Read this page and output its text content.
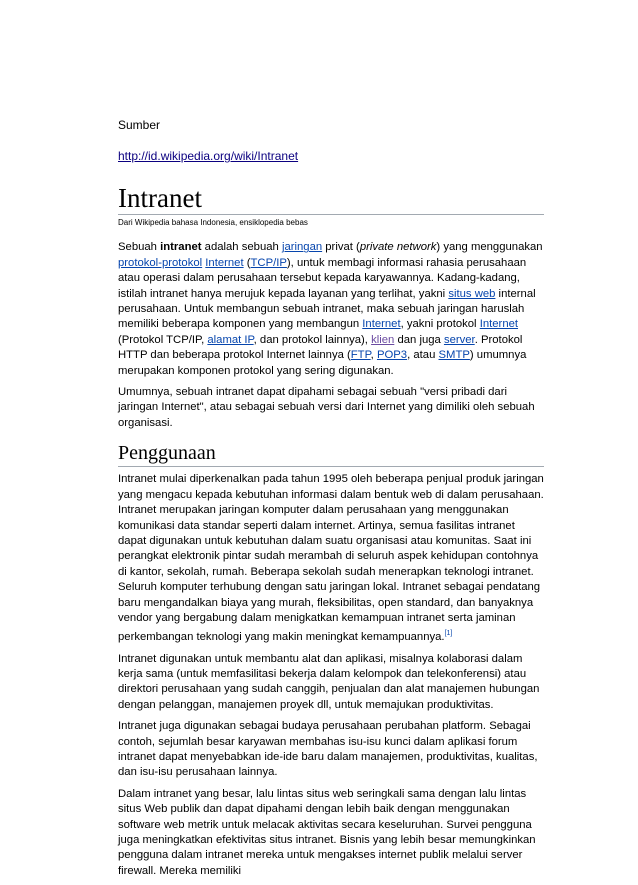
Sumber

http://id.wikipedia.org/wiki/Intranet
Intranet
Dari Wikipedia bahasa Indonesia, ensiklopedia bebas

Sebuah intranet adalah sebuah jaringan privat (private network) yang menggunakan protokol-protokol Internet (TCP/IP), untuk membagi informasi rahasia perusahaan atau operasi dalam perusahaan tersebut kepada karyawannya. Kadang-kadang, istilah intranet hanya merujuk kepada layanan yang terlihat, yakni situs web internal perusahaan. Untuk membangun sebuah intranet, maka sebuah jaringan haruslah memiliki beberapa komponen yang membangun Internet, yakni protokol Internet (Protokol TCP/IP, alamat IP, dan protokol lainnya), klien dan juga server. Protokol HTTP dan beberapa protokol Internet lainnya (FTP, POP3, atau SMTP) umumnya merupakan komponen protokol yang sering digunakan.

Umumnya, sebuah intranet dapat dipahami sebagai sebuah "versi pribadi dari jaringan Internet", atau sebagai sebuah versi dari Internet yang dimiliki oleh sebuah organisasi.

Penggunaan

Intranet mulai diperkenalkan pada tahun 1995 oleh beberapa penjual produk jaringan yang mengacu kepada kebutuhan informasi dalam bentuk web di dalam perusahaan. Intranet merupakan jaringan komputer dalam perusahaan yang menggunakan komunikasi data standar seperti dalam internet. Artinya, semua fasilitas intranet dapat digunakan untuk kebutuhan dalam suatu organisasi atau komunitas. Saat ini perangkat elektronik pintar sudah merambah di seluruh aspek kehidupan contohnya di kantor, sekolah, rumah. Beberapa sekolah sudah menerapkan teknologi intranet. Seluruh komputer terhubung dengan satu jaringan lokal. Intranet sebagai pendatang baru mengandalkan biaya yang murah, fleksibilitas, open standard, dan banyaknya vendor yang bergabung dalam menigkatkan kemampuan intranet serta jaminan perkembangan teknologi yang makin meningkat kemampuannya.[1]

Intranet digunakan untuk membantu alat dan aplikasi, misalnya kolaborasi dalam kerja sama (untuk memfasilitasi bekerja dalam kelompok dan telekonferensi) atau direktori perusahaan yang sudah canggih, penjualan dan alat manajemen hubungan dengan pelanggan, manajemen proyek dll, untuk memajukan produktivitas.

Intranet juga digunakan sebagai budaya perusahaan perubahan platform. Sebagai contoh, sejumlah besar karyawan membahas isu-isu kunci dalam aplikasi forum intranet dapat menyebabkan ide-ide baru dalam manajemen, produktivitas, kualitas, dan isu-isu perusahaan lainnya.

Dalam intranet yang besar, lalu lintas situs web seringkali sama dengan lalu lintas situs Web publik dan dapat dipahami dengan lebih baik dengan menggunakan software web metrik untuk melacak aktivitas secara keseluruhan. Survei pengguna juga meningkatkan efektivitas situs intranet. Bisnis yang lebih besar memungkinkan pengguna dalam intranet mereka untuk mengakses internet publik melalui server firewall. Mereka memiliki
